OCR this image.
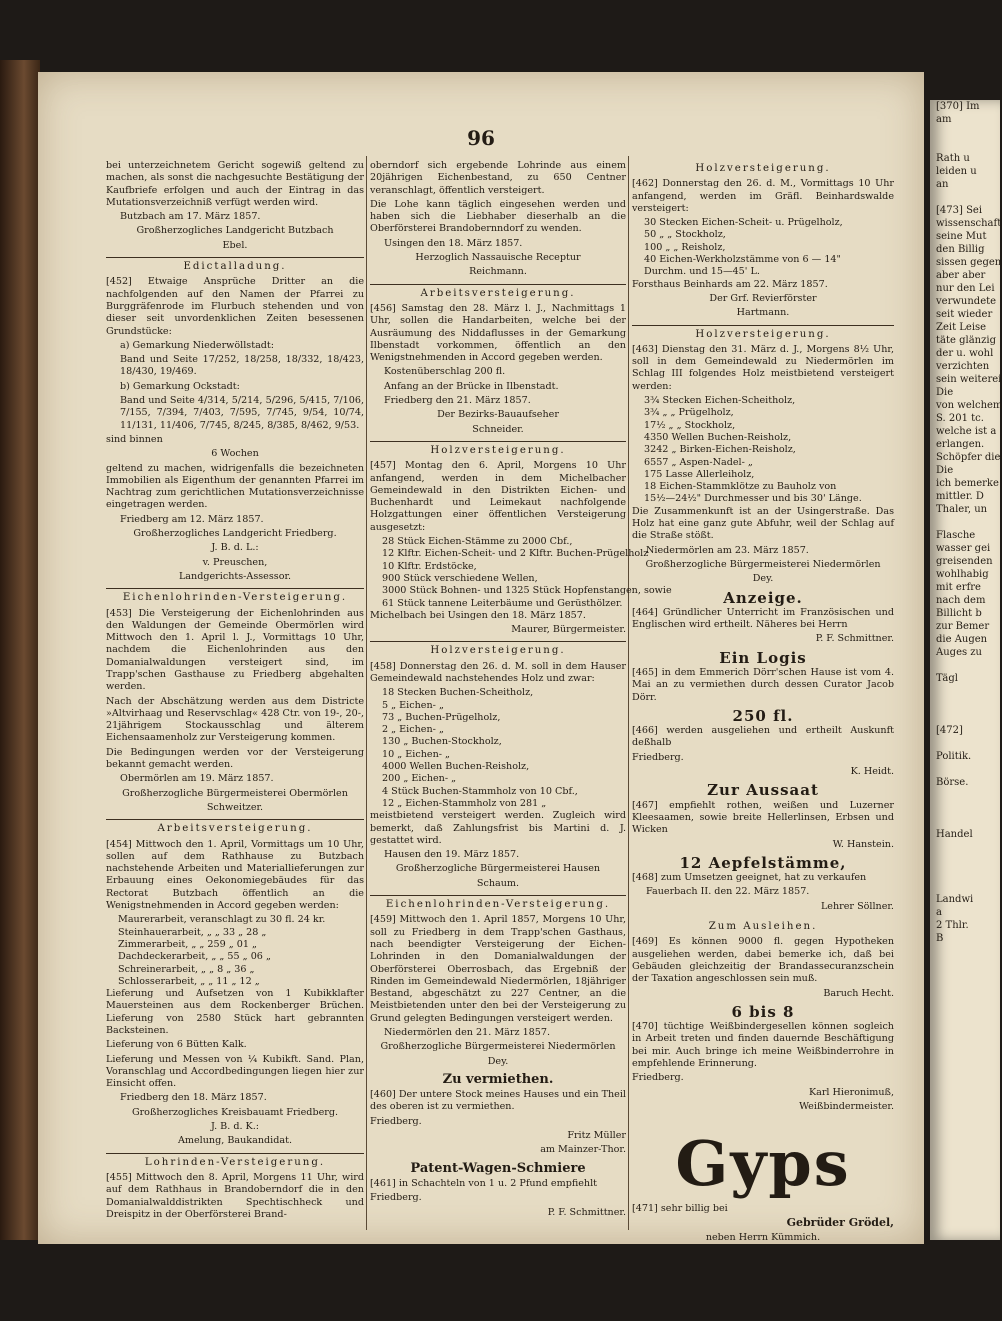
[370] Im
am

Rath u
leiden u
an

[473] Sei
wissenschaft
seine Mut
den Billig
sissen gegen
aber aber
nur den Lei
verwundete
seit wieder
Zeit Leise
täte glänzig
der u. wohl
verzichten
sein weiterei
Die
von welchem
S. 201 tc.
welche ist a
erlangen.
Schöpfer die
Die
ich bemerke
mittler. D
Thaler, un

Flasche
wasser gei
greisenden
wohlhabig
mit erfre
nach dem
Billicht b
zur Bemer
die Augen
Auges zu

Tägl

[472]

Politik.

Börse.

Handel

Landwi
a
2 Thlr.
B
96

bei unterzeichnetem Gericht sogewiß geltend zu machen, als sonst die nachgesuchte Bestätigung der Kaufbriefe erfolgen und auch der Eintrag in das Mutationsverzeichniß verfügt werden wird.

Butzbach am 17. März 1857.

Großherzogliches Landgericht Butzbach

Ebel.

Edictalladung.

[452] Etwaige Ansprüche Dritter an die nachfolgenden auf den Namen der Pfarrei zu Burggräfenrode im Flurbuch stehenden und von dieser seit unvordenklichen Zeiten besessenen Grundstücke:

a) Gemarkung Niederwöllstadt:

Band und Seite 17/252, 18/258, 18/332, 18/423, 18/430, 19/469.

b) Gemarkung Ockstadt:

Band und Seite 4/314, 5/214, 5/296, 5/415, 7/106, 7/155, 7/394, 7/403, 7/595, 7/745, 9/54, 10/74, 11/131, 11/406, 7/745, 8/245, 8/385, 8/462, 9/53.

sind binnen

6 Wochen

geltend zu machen, widrigenfalls die bezeichneten Immobilien als Eigenthum der genannten Pfarrei im Nachtrag zum gerichtlichen Mutationsverzeichnisse eingetragen werden.

Friedberg am 12. März 1857.

Großherzogliches Landgericht Friedberg.

J. B. d. L.:

v. Preuschen,

Landgerichts-Assessor.

Eichenlohrinden-Versteigerung.

[453] Die Versteigerung der Eichenlohrinden aus den Waldungen der Gemeinde Obermörlen wird Mittwoch den 1. April l. J., Vormittags 10 Uhr, nachdem die Eichenlohrinden aus den Domanialwaldungen versteigert sind, im Trapp'schen Gasthause zu Friedberg abgehalten werden.

Nach der Abschätzung werden aus dem Districte »Altvirhaag und Reservschlag« 428 Ctr. von 19-, 20-, 21jährigem Stockausschlag und älterem Eichensaamenholz zur Versteigerung kommen.

Die Bedingungen werden vor der Versteigerung bekannt gemacht werden.

Obermörlen am 19. März 1857.

Großherzogliche Bürgermeisterei Obermörlen

Schweitzer.

Arbeitsversteigerung.

[454] Mittwoch den 1. April, Vormittags um 10 Uhr, sollen auf dem Rathhause zu Butzbach nachstehende Arbeiten und Materiallieferungen zur Erbauung eines Oekonomiegebäudes für das Rectorat Butzbach öffentlich an die Wenigstnehmenden in Accord gegeben werden:

Maurerarbeit, veranschlagt zu 30 fl. 24 kr.
Steinhauerarbeit, „ „ 33 „ 28 „
Zimmerarbeit, „ „ 259 „ 01 „
Dachdeckerarbeit, „ „ 55 „ 06 „
Schreinerarbeit, „ „ 8 „ 36 „
Schlosserarbeit, „ „ 11 „ 12 „

Lieferung und Aufsetzen von 1 Kubikklafter Mauersteinen aus dem Rockenberger Brüchen. Lieferung von 2580 Stück hart gebrannten Backsteinen.

Lieferung von 6 Bütten Kalk.

Lieferung und Messen von ¼ Kubikft. Sand. Plan, Voranschlag und Accordbedingungen liegen hier zur Einsicht offen.

Friedberg den 18. März 1857.

Großherzogliches Kreisbauamt Friedberg.

J. B. d. K.:

Amelung, Baukandidat.

Lohrinden-Versteigerung.

[455] Mittwoch den 8. April, Morgens 11 Uhr, wird auf dem Rathhaus in Brandoberndorf die in den Domanialwalddistrikten Spechtischheck und Dreispitz in der Oberförsterei Brand-

oberndorf sich ergebende Lohrinde aus einem 20jährigen Eichenbestand, zu 650 Centner veranschlagt, öffentlich versteigert.

Die Lohe kann täglich eingesehen werden und haben sich die Liebhaber dieserhalb an die Oberförsterei Brandobernndorf zu wenden.

Usingen den 18. März 1857.

Herzoglich Nassauische Receptur

Reichmann.

Arbeitsversteigerung.

[456] Samstag den 28. März l. J., Nachmittags 1 Uhr, sollen die Handarbeiten, welche bei der Ausräumung des Niddaflusses in der Gemarkung Ilbenstadt vorkommen, öffentlich an den Wenigstnehmenden in Accord gegeben werden.

Kostenüberschlag 200 fl.

Anfang an der Brücke in Ilbenstadt.

Friedberg den 21. März 1857.

Der Bezirks-Bauaufseher

Schneider.

Holzversteigerung.

[457] Montag den 6. April, Morgens 10 Uhr anfangend, werden in dem Michelbacher Gemeindewald in den Distrikten Eichen- und Buchenhardt und Leimekaut nachfolgende Holzgattungen einer öffentlichen Versteigerung ausgesetzt:

28 Stück Eichen-Stämme zu 2000 Cbf.,
12 Klftr. Eichen-Scheit- und 2 Klftr. Buchen-Prügelholz
10 Klftr. Erdstöcke,
900 Stück verschiedene Wellen,
3000 Stück Bohnen- und 1325 Stück Hopfenstangen, sowie
61 Stück tannene Leiterbäume und Gerüsthölzer.

Michelbach bei Usingen den 18. März 1857.

Maurer, Bürgermeister.

Holzversteigerung.

[458] Donnerstag den 26. d. M. soll in dem Hauser Gemeindewald nachstehendes Holz und zwar:

18 Stecken Buchen-Scheitholz,
5 „ Eichen- „
73 „ Buchen-Prügelholz,
2 „ Eichen- „
130 „ Buchen-Stockholz,
10 „ Eichen- „
4000 Wellen Buchen-Reisholz,
200 „ Eichen- „
4 Stück Buchen-Stammholz von 10 Cbf.,
12 „ Eichen-Stammholz von 281 „

meistbietend versteigert werden. Zugleich wird bemerkt, daß Zahlungsfrist bis Martini d. J. gestattet wird.

Hausen den 19. März 1857.

Großherzogliche Bürgermeisterei Hausen

Schaum.

Eichenlohrinden-Versteigerung.

[459] Mittwoch den 1. April 1857, Morgens 10 Uhr, soll zu Friedberg in dem Trapp'schen Gasthaus, nach beendigter Versteigerung der Eichen-Lohrinden in den Domanialwaldungen der Oberförsterei Oberrosbach, das Ergebniß der Rinden im Gemeindewald Niedermörlen, 18jähriger Bestand, abgeschätzt zu 227 Centner, an die Meistbietenden unter den bei der Versteigerung zu Grund gelegten Bedingungen versteigert werden.

Niedermörlen den 21. März 1857.

Großherzogliche Bürgermeisterei Niedermörlen

Dey.

Zu vermiethen.

[460] Der untere Stock meines Hauses und ein Theil des oberen ist zu vermiethen.

Friedberg.

Fritz Müller

am Mainzer-Thor.

Patent-Wagen-Schmiere

[461] in Schachteln von 1 u. 2 Pfund empfiehlt

Friedberg.

P. F. Schmittner.

Holzversteigerung.

[462] Donnerstag den 26. d. M., Vormittags 10 Uhr anfangend, werden im Gräfl. Beinhardswalde versteigert:

30 Stecken Eichen-Scheit- u. Prügelholz,
50 „ „ Stockholz,
100 „ „ Reisholz,
40 Eichen-Werkholzstämme von 6 — 14"
Durchm. und 15—45' L.

Forsthaus Beinhards am 22. März 1857.

Der Grf. Revierförster

Hartmann.

Holzversteigerung.

[463] Dienstag den 31. März d. J., Morgens 8½ Uhr, soll in dem Gemeindewald zu Niedermörlen im Schlag III folgendes Holz meistbietend versteigert werden:

3¾ Stecken Eichen-Scheitholz,
3¾ „ „ Prügelholz,
17½ „ „ Stockholz,
4350 Wellen Buchen-Reisholz,
3242 „ Birken-Eichen-Reisholz,
6557 „ Aspen-Nadel- „
175 Lasse Allerleiholz,
18 Eichen-Stammklötze zu Bauholz von
15½—24½" Durchmesser und bis 30' Länge.

Die Zusammenkunft ist an der Usingerstraße. Das Holz hat eine ganz gute Abfuhr, weil der Schlag auf die Straße stößt.

Niedermörlen am 23. März 1857.

Großherzogliche Bürgermeisterei Niedermörlen

Dey.

Anzeige.

[464] Gründlicher Unterricht im Französischen und Englischen wird ertheilt. Näheres bei Herrn

P. F. Schmittner.

Ein Logis

[465] in dem Emmerich Dörr'schen Hause ist vom 4. Mai an zu vermiethen durch dessen Curator Jacob Dörr.

250 fl.

[466] werden ausgeliehen und ertheilt Auskunft deßhalb

Friedberg.

K. Heidt.

Zur Aussaat

[467] empfiehlt rothen, weißen und Luzerner Kleesaamen, sowie breite Hellerlinsen, Erbsen und Wicken

W. Hanstein.

12 Aepfelstämme,

[468] zum Umsetzen geeignet, hat zu verkaufen

Fauerbach II. den 22. März 1857.

Lehrer Söllner.

Zum Ausleihen.

[469] Es können 9000 fl. gegen Hypotheken ausgeliehen werden, dabei bemerke ich, daß bei Gebäuden gleichzeitig der Brandassecuranzschein der Taxation angeschlossen sein muß.

Baruch Hecht.

6 bis 8

[470] tüchtige Weißbindergesellen können sogleich in Arbeit treten und finden dauernde Beschäftigung bei mir. Auch bringe ich meine Weißbinderrohre in empfehlende Erinnerung.

Friedberg.

Karl Hieronimuß,

Weißbindermeister.

Gyps

[471] sehr billig bei

Gebrüder Grödel,

neben Herrn Kümmich.
